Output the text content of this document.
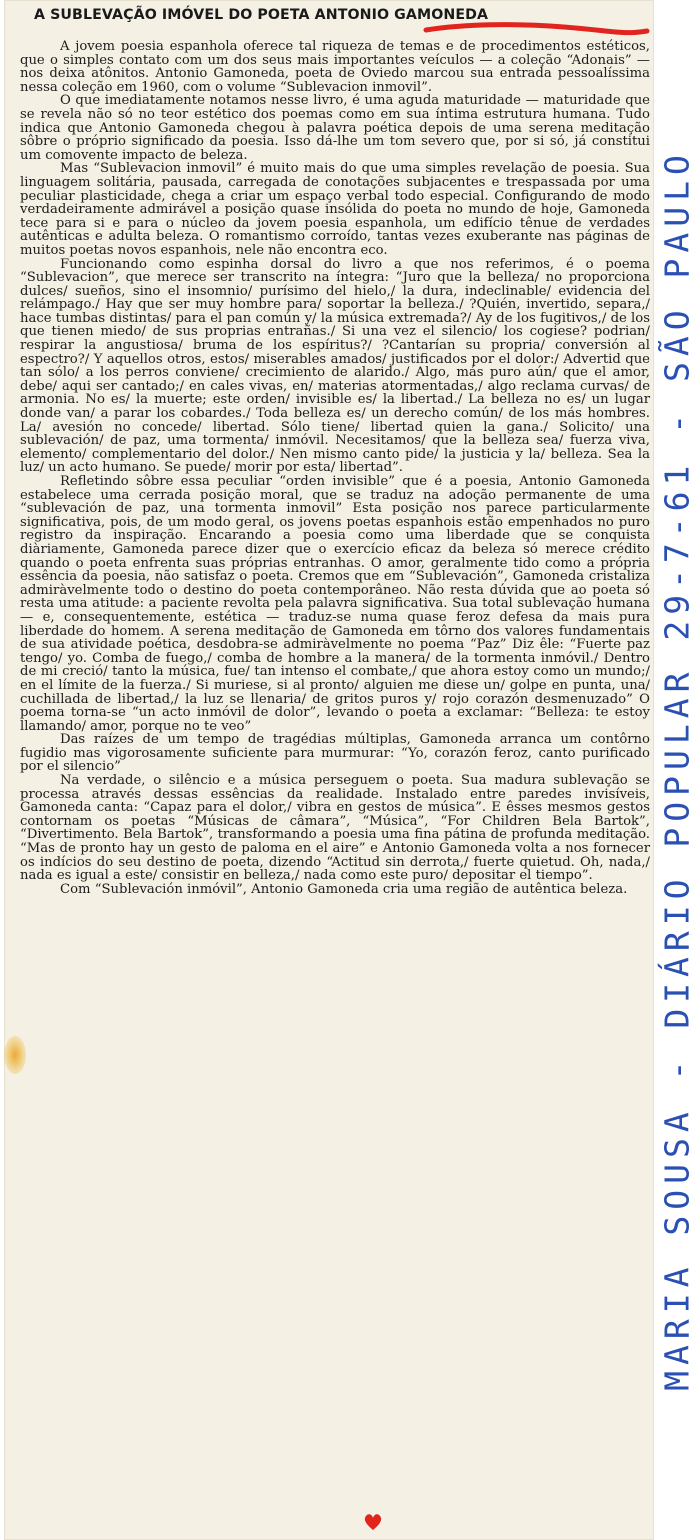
A SUBLEVAÇÃO IMÓVEL DO POETA ANTONIO GAMONEDA

A jovem poesia espanhola oferece tal riqueza de temas e de procedimentos estéticos, que o simples contato com um dos seus mais importantes veículos — a coleção “Adonais” — nos deixa atônitos. Antonio Gamoneda, poeta de Oviedo marcou sua entrada pessoalíssima nessa coleção em 1960, com o volume “Sublevacion inmovil”.

O que imediatamente notamos nesse livro, é uma aguda maturidade — maturidade que se revela não só no teor estético dos poemas como em sua íntima estrutura humana. Tudo indica que Antonio Gamoneda chegou à palavra poética depois de uma serena meditação sôbre o próprio significado da poesia. Isso dá-lhe um tom severo que, por si só, já constitui um comovente impacto de beleza.

Mas “Sublevacion inmovil” é muito mais do que uma simples revelação de poesia. Sua linguagem solitária, pausada, carregada de conotações subjacentes e trespassada por uma peculiar plasticidade, chega a criar um espaço verbal todo especial. Configurando de modo verdadeiramente admirável a posição quase insólida do poeta no mundo de hoje, Gamoneda tece para si e para o núcleo da jovem poesia espanhola, um edifício tênue de verdades autênticas e adulta beleza. O romantismo corroído, tantas vezes exuberante nas páginas de muitos poetas novos espanhois, nele não encontra eco.

Funcionando como espinha dorsal do livro a que nos referimos, é o poema “Sublevacion”, que merece ser transcrito na íntegra: “Juro que la belleza/ no proporciona dulces/ sueños, sino el insomnio/ purísimo del hielo,/ la dura, indeclinable/ evidencia del relámpago./ Hay que ser muy hombre para/ soportar la belleza./ ?Quién, invertido, separa,/ hace tumbas distintas/ para el pan común y/ la música extremada?/ Ay de los fugitivos,/ de los que tienen miedo/ de sus proprias entrañas./ Si una vez el silencio/ los cogiese? podrian/ respirar la angustiosa/ bruma de los espíritus?/ ?Cantarían su propria/ conversión al espectro?/ Y aquellos otros, estos/ miserables amados/ justificados por el dolor:/ Advertid que tan sólo/ a los perros conviene/ crecimiento de alarido./ Algo, más puro aún/ que el amor, debe/ aqui ser cantado;/ en cales vivas, en/ materias atormentadas,/ algo reclama curvas/ de armonia. No es/ la muerte; este orden/ invisible es/ la libertad./ La belleza no es/ un lugar donde van/ a parar los cobardes./ Toda belleza es/ un derecho común/ de los más hombres. La/ avesión no concede/ libertad. Sólo tiene/ libertad quien la gana./ Solicito/ una sublevación/ de paz, uma tormenta/ inmóvil. Necesitamos/ que la belleza sea/ fuerza viva, elemento/ complementario del dolor./ Nen mismo canto pide/ la justicia y la/ belleza. Sea la luz/ un acto humano. Se puede/ morir por esta/ libertad”.

Refletindo sôbre essa peculiar “orden invisible” que é a poesia, Antonio Gamoneda estabelece uma cerrada posição moral, que se traduz na adoção permanente de uma “sublevación de paz, una tormenta inmovil” Esta posição nos parece particularmente significativa, pois, de um modo geral, os jovens poetas espanhois estão empenhados no puro registro da inspiração. Encarando a poesia como uma liberdade que se conquista diàriamente, Gamoneda parece dizer que o exercício eficaz da beleza só merece crédito quando o poeta enfrenta suas próprias entranhas. O amor, geralmente tido como a própria essência da poesia, não satisfaz o poeta. Cremos que em “Sublevación”, Gamoneda cristaliza admiràvelmente todo o destino do poeta contemporâneo. Não resta dúvida que ao poeta só resta uma atitude: a paciente revolta pela palavra significativa. Sua total sublevação humana — e, consequentemente, estética — traduz-se numa quase feroz defesa da mais pura liberdade do homem. A serena meditação de Gamoneda em tôrno dos valores fundamentais de sua atividade poética, desdobra-se admiràvelmente no poema “Paz” Diz êle: “Fuerte paz tengo/ yo. Comba de fuego,/ comba de hombre a la manera/ de la tormenta inmóvil./ Dentro de mi creció/ tanto la música, fue/ tan intenso el combate,/ que ahora estoy como un mundo;/ en el límite de la fuerza./ Si muriese, si al pronto/ alguien me diese un/ golpe en punta, una/ cuchillada de libertad,/ la luz se llenaria/ de gritos puros y/ rojo corazón desmenuzado” O poema torna-se “un acto inmóvil de dolor”, levando o poeta a exclamar: “Belleza: te estoy llamando/ amor, porque no te veo”

Das raízes de um tempo de tragédias múltiplas, Gamoneda arranca um contôrno fugidio mas vigorosamente suficiente para murmurar: “Yo, corazón feroz, canto purificado por el silencio”

Na verdade, o silêncio e a música perseguem o poeta. Sua madura sublevação se processa através dessas essências da realidade. Instalado entre paredes invisíveis, Gamoneda canta: “Capaz para el dolor,/ vibra en gestos de música”. E êsses mesmos gestos contornam os poetas “Músicas de câmara”, “Música”, “For Children Bela Bartok”, “Divertimento. Bela Bartok”, transformando a poesia uma fina pátina de profunda meditação. “Mas de pronto hay un gesto de paloma en el aire” e Antonio Gamoneda volta a nos fornecer os indícios do seu destino de poeta, dizendo “Actitud sin derrota,/ fuerte quietud. Oh, nada,/ nada es igual a este/ consistir en belleza,/ nada como este puro/ depositar el tiempo”.

Com “Sublevación inmóvil”, Antonio Gamoneda cria uma região de autêntica beleza. MARIA SOUSA - DIÁRIO POPULAR 29-7-61 - SÃO PAULO
